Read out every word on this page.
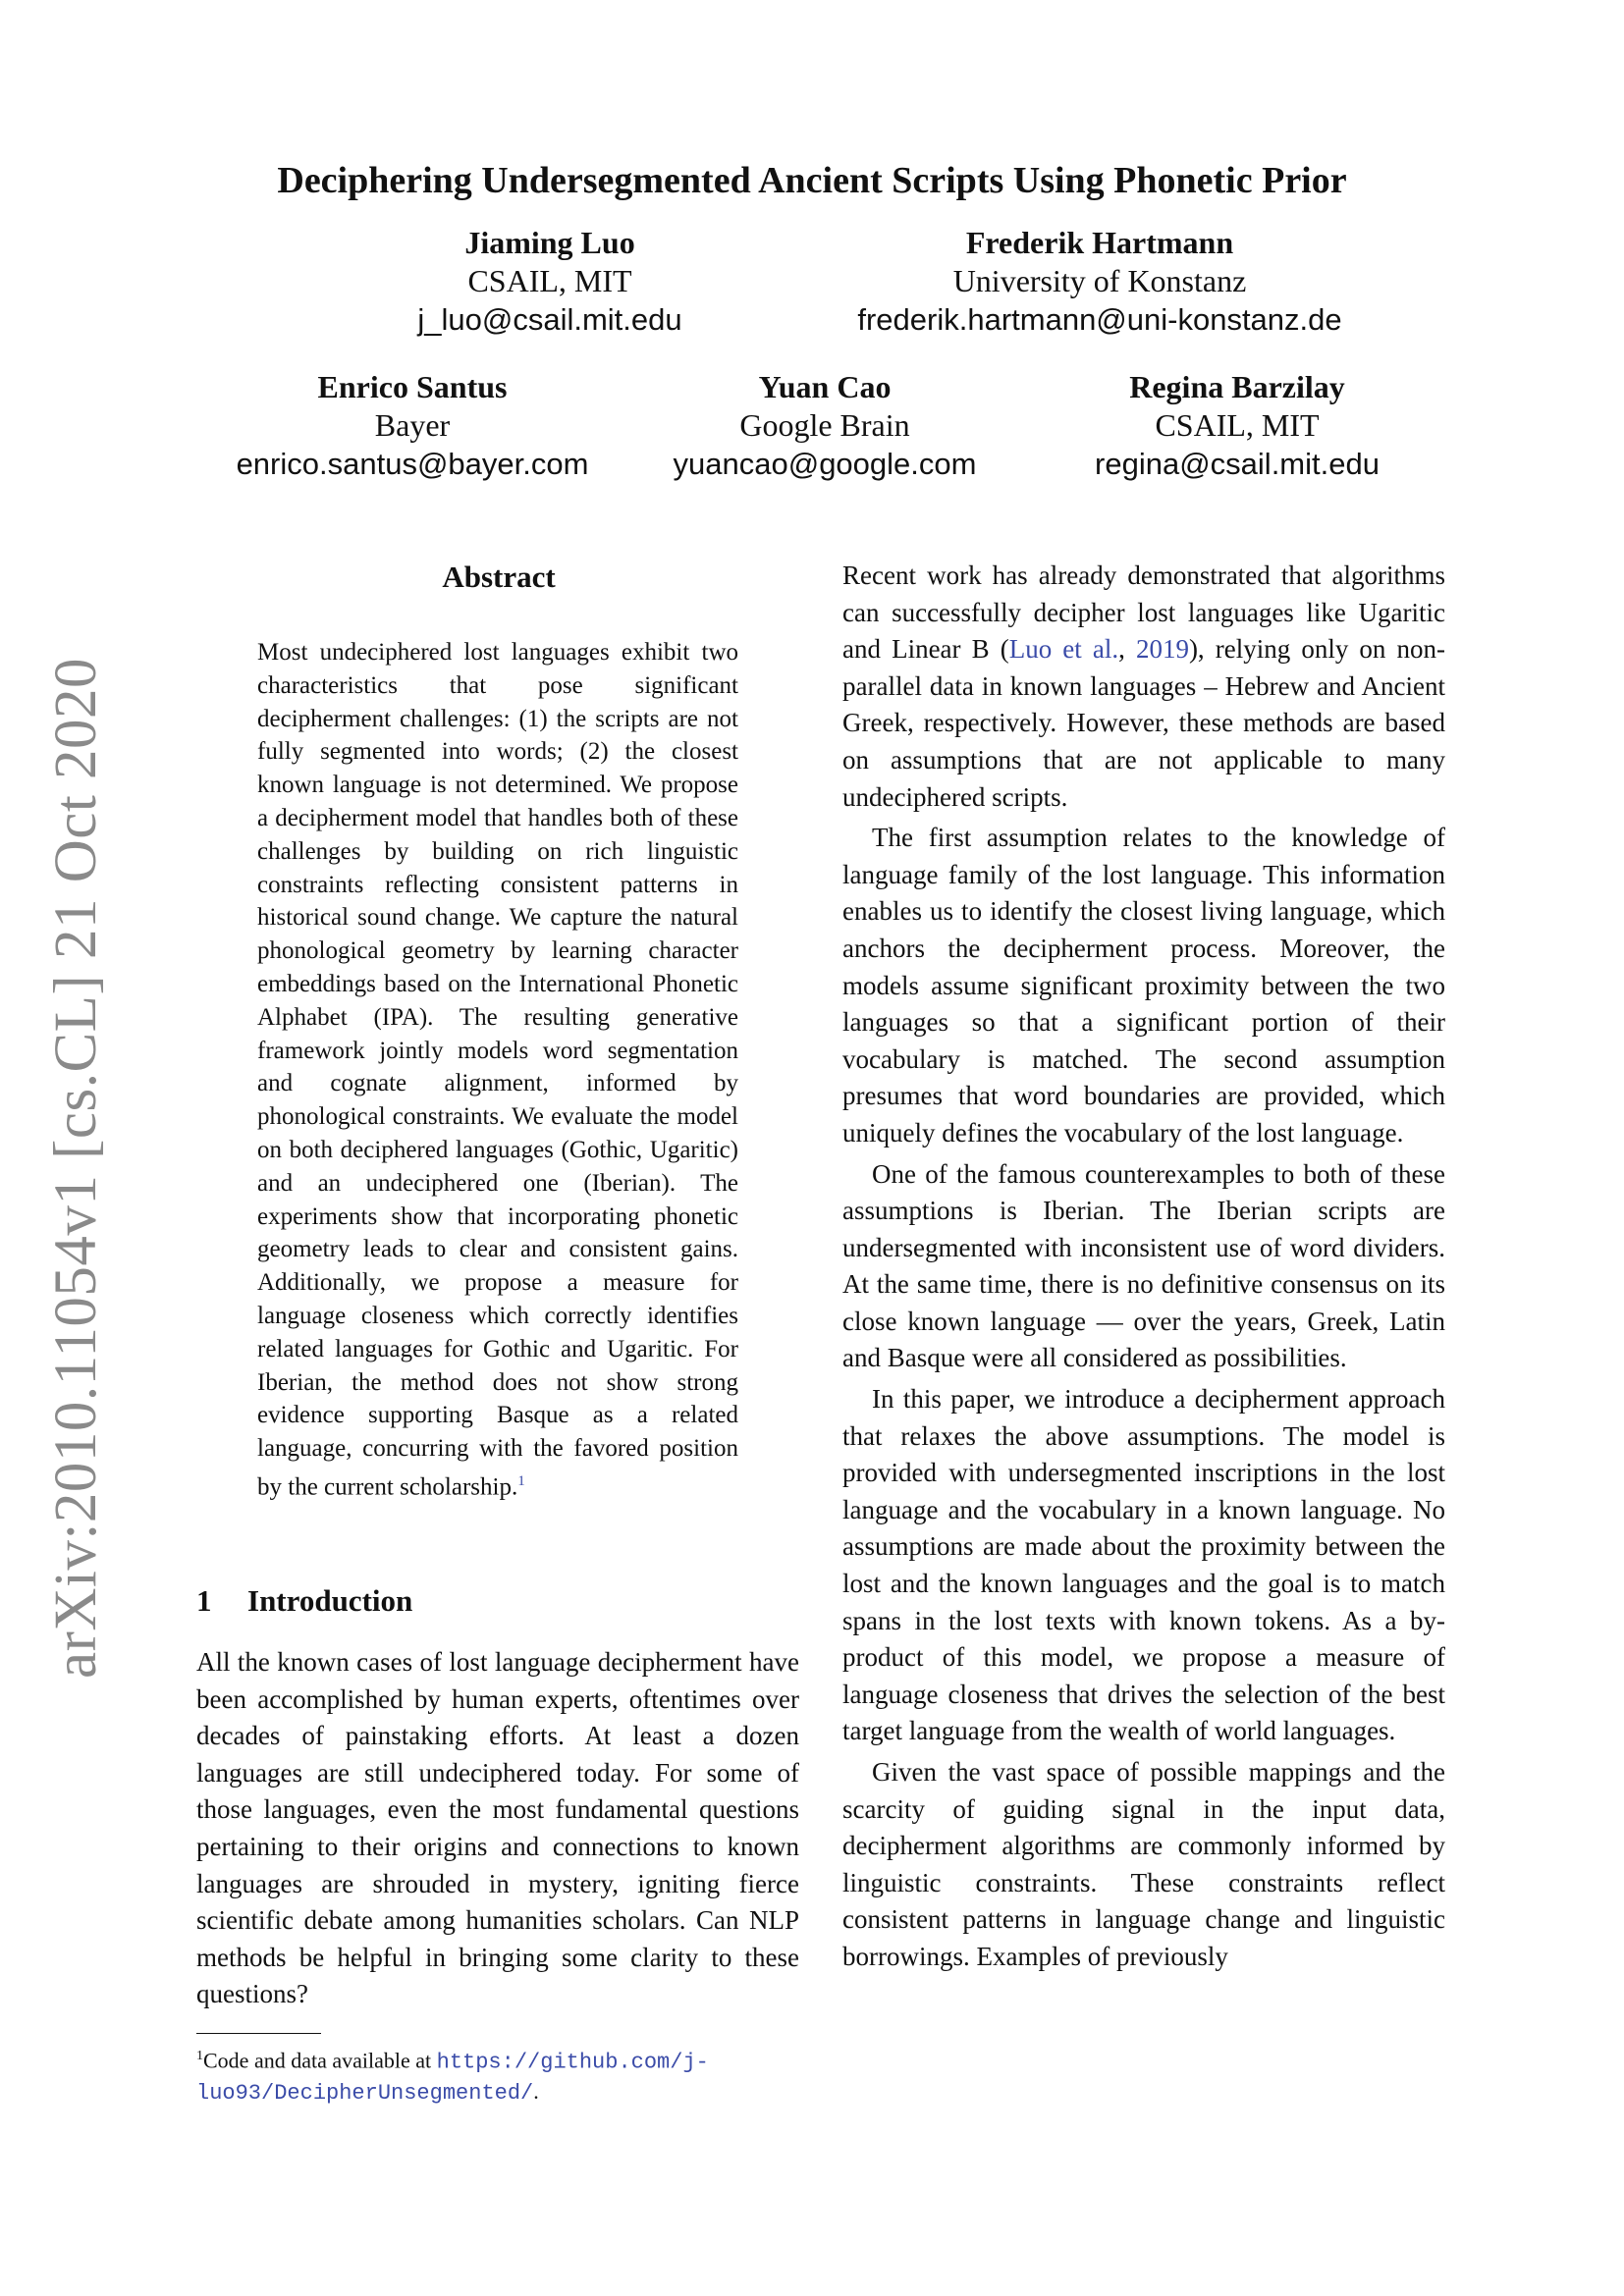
arXiv:2010.11054v1 [cs.CL] 21 Oct 2020
Deciphering Undersegmented Ancient Scripts Using Phonetic Prior
Jiaming Luo
CSAIL, MIT
j_luo@csail.mit.edu
Frederik Hartmann
University of Konstanz
frederik.hartmann@uni-konstanz.de
Enrico Santus
Bayer
enrico.santus@bayer.com
Yuan Cao
Google Brain
yuancao@google.com
Regina Barzilay
CSAIL, MIT
regina@csail.mit.edu
Abstract

Most undeciphered lost languages exhibit two characteristics that pose significant decipherment challenges: (1) the scripts are not fully segmented into words; (2) the closest known language is not determined. We propose a decipherment model that handles both of these challenges by building on rich linguistic constraints reflecting consistent patterns in historical sound change. We capture the natural phonological geometry by learning character embeddings based on the International Phonetic Alphabet (IPA). The resulting generative framework jointly models word segmentation and cognate alignment, informed by phonological constraints. We evaluate the model on both deciphered languages (Gothic, Ugaritic) and an undeciphered one (Iberian). The experiments show that incorporating phonetic geometry leads to clear and consistent gains. Additionally, we propose a measure for language closeness which correctly identifies related languages for Gothic and Ugaritic. For Iberian, the method does not show strong evidence supporting Basque as a related language, concurring with the favored position by the current scholarship.$^1$

1 Introduction

All the known cases of lost language decipherment have been accomplished by human experts, oftentimes over decades of painstaking efforts. At least a dozen languages are still undeciphered today. For some of those languages, even the most fundamental questions pertaining to their origins and connections to known languages are shrouded in mystery, igniting fierce scientific debate among humanities scholars. Can NLP methods be helpful in bringing some clarity to these questions?

$^1$Code and data available at https://github.com/j-luo93/DecipherUnsegmented/.

Recent work has already demonstrated that algorithms can successfully decipher lost languages like Ugaritic and Linear B (Luo et al., 2019), relying only on non-parallel data in known languages – Hebrew and Ancient Greek, respectively. However, these methods are based on assumptions that are not applicable to many undeciphered scripts.

The first assumption relates to the knowledge of language family of the lost language. This information enables us to identify the closest living language, which anchors the decipherment process. Moreover, the models assume significant proximity between the two languages so that a significant portion of their vocabulary is matched. The second assumption presumes that word boundaries are provided, which uniquely defines the vocabulary of the lost language.

One of the famous counterexamples to both of these assumptions is Iberian. The Iberian scripts are undersegmented with inconsistent use of word dividers. At the same time, there is no definitive consensus on its close known language — over the years, Greek, Latin and Basque were all considered as possibilities.

In this paper, we introduce a decipherment approach that relaxes the above assumptions. The model is provided with undersegmented inscriptions in the lost language and the vocabulary in a known language. No assumptions are made about the proximity between the lost and the known languages and the goal is to match spans in the lost texts with known tokens. As a by-product of this model, we propose a measure of language closeness that drives the selection of the best target language from the wealth of world languages.

Given the vast space of possible mappings and the scarcity of guiding signal in the input data, decipherment algorithms are commonly informed by linguistic constraints. These constraints reflect consistent patterns in language change and linguistic borrowings. Examples of previously
